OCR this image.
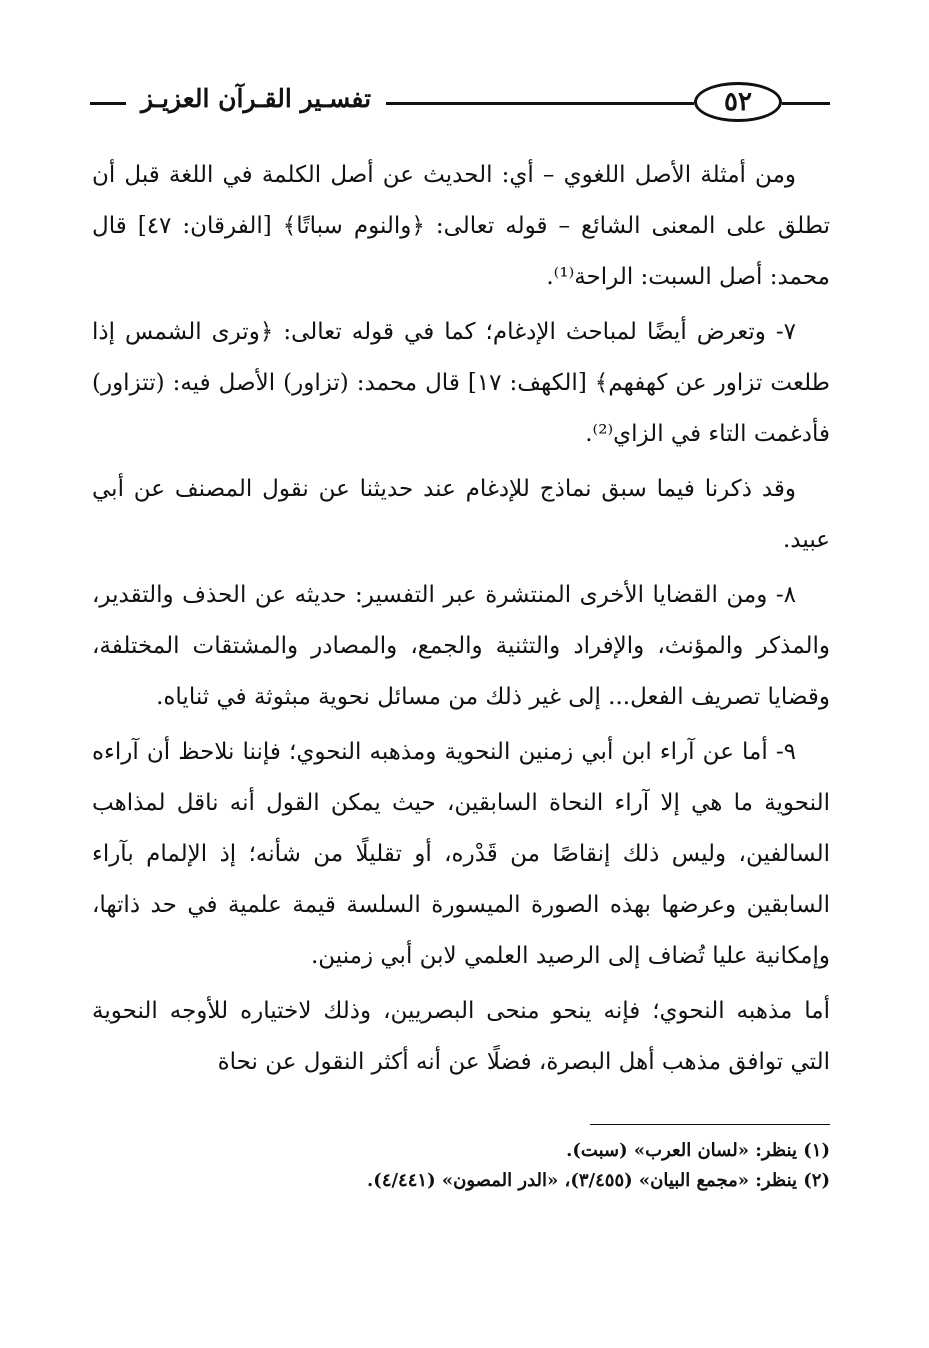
تفسـير القـرآن العزيـز	٥٢

ومن أمثلة الأصل اللغوي – أي: الحديث عن أصل الكلمة في اللغة قبل أن تطلق على المعنى الشائع – قوله تعالى: ﴿والنوم سباتًا﴾ [الفرقان: ٤٧] قال محمد: أصل السبت: الراحة⁽¹⁾.

٧- وتعرض أيضًا لمباحث الإدغام؛ كما في قوله تعالى: ﴿وترى الشمس إذا طلعت تزاور عن كهفهم﴾ [الكهف: ١٧] قال محمد: (تزاور) الأصل فيه: (تتزاور) فأدغمت التاء في الزاي⁽²⁾.

وقد ذكرنا فيما سبق نماذج للإدغام عند حديثنا عن نقول المصنف عن أبي عبيد.

٨- ومن القضايا الأخرى المنتشرة عبر التفسير: حديثه عن الحذف والتقدير، والمذكر والمؤنث، والإفراد والتثنية والجمع، والمصادر والمشتقات المختلفة، وقضايا تصريف الفعل... إلى غير ذلك من مسائل نحوية مبثوثة في ثناياه.

٩- أما عن آراء ابن أبي زمنين النحوية ومذهبه النحوي؛ فإننا نلاحظ أن آراءه النحوية ما هي إلا آراء النحاة السابقين، حيث يمكن القول أنه ناقل لمذاهب السالفين، وليس ذلك إنقاصًا من قَدْره، أو تقليلًا من شأنه؛ إذ الإلمام بآراء السابقين وعرضها بهذه الصورة الميسورة السلسة قيمة علمية في حد ذاتها، وإمكانية عليا تُضاف إلى الرصيد العلمي لابن أبي زمنين.

أما مذهبه النحوي؛ فإنه ينحو منحى البصريين، وذلك لاختياره للأوجه النحوية التي توافق مذهب أهل البصرة، فضلًا عن أنه أكثر النقول عن نحاة

(١) ينظر: «لسان العرب» (سبت).

(٢) ينظر: «مجمع البيان» (٣/٤٥٥)، «الدر المصون» (٤/٤٤١).
